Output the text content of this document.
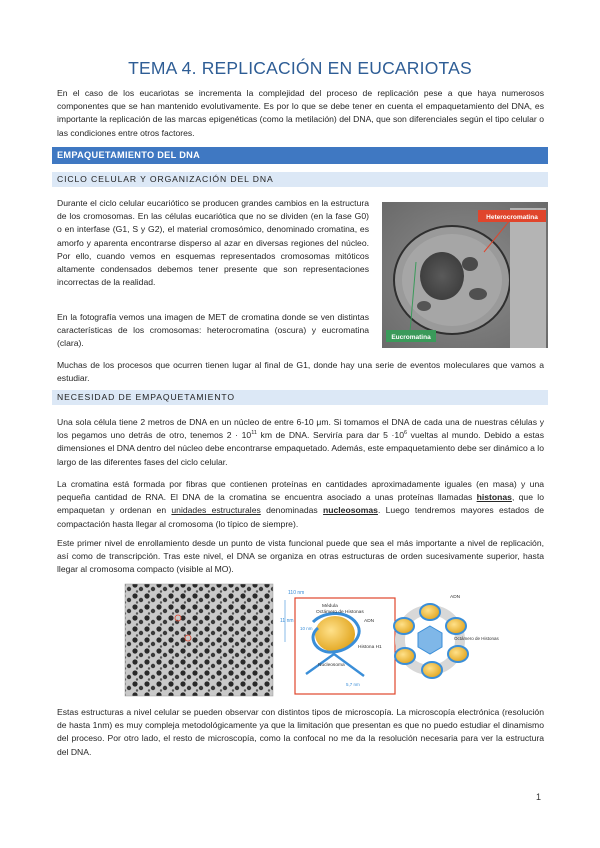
TEMA 4. REPLICACIÓN EN EUCARIOTAS

En el caso de los eucariotas se incrementa la complejidad del proceso de replicación pese a que haya numerosos componentes que se han mantenido evolutivamente. Es por lo que se debe tener en cuenta el empaquetamiento del DNA, es importante la replicación de las marcas epigenéticas (como la metilación) del DNA, que son diferenciales según el tipo celular o las condiciones entre otros factores.

EMPAQUETAMIENTO DEL DNA
CICLO CELULAR Y ORGANIZACIÓN DEL DNA

Durante el ciclo celular eucariótico se producen grandes cambios en la estructura de los cromosomas. En las células eucariótica que no se dividen (en la fase G0) o en interfase (G1, S y G2), el material cromosómico, denominado cromatina, es amorfo y aparenta encontrarse disperso al azar en diversas regiones del núcleo. Por ello, cuando vemos en esquemas representados cromosomas mitóticos altamente condensados debemos tener presente que son representaciones incorrectas de la realidad.

En la fotografía vemos una imagen de MET de cromatina donde se ven distintas características de los cromosomas: heterocromatina (oscura) y eucromatina (clara).

Heterocromatina
Eucromatina

Muchas de los procesos que ocurren tienen lugar al final de G1, donde hay una serie de eventos moleculares que vamos a estudiar.

NECESIDAD DE EMPAQUETAMIENTO

Una sola célula tiene 2 metros de DNA en un núcleo de entre 6-10 μm. Si tomamos el DNA de cada una de nuestras células y los pegamos uno detrás de otro, tenemos $2 \cdot 10^{11}$ km de DNA. Serviría para dar $5 \cdot 10^6$ vueltas al mundo. Debido a estas dimensiones el DNA dentro del núcleo debe encontrarse empaquetado. Además, este empaquetamiento debe ser dinámico a lo largo de las diferentes fases del ciclo celular.

La cromatina está formada por fibras que contienen proteínas en cantidades aproximadamente iguales (en masa) y una pequeña cantidad de RNA. El DNA de la cromatina se encuentra asociado a unas proteínas llamadas histonas, que lo empaquetan y ordenan en unidades estructurales denominadas nucleosomas. Luego tendremos mayores estados de compactación hasta llegar al cromosoma (lo típico de siempre).

Este primer nivel de enrollamiento desde un punto de vista funcional puede que sea el más importante a nivel de replicación, así como de transcripción. Tras este nivel, el DNA se organiza en otras estructuras de orden sucesivamente superior, hasta llegar al cromosoma compacto (visible al MO).

110 nm
11 nm
Médula
Octámero de Histonas
ADN
Histona H1
Nucleosoma
10 nm
5,7 nm
ADN
Octámero de Histonas

Estas estructuras a nivel celular se pueden observar con distintos tipos de microscopía. La microscopía electrónica (resolución de hasta 1nm) es muy compleja metodológicamente ya que la limitación que presentan es que no puedo estudiar el dinamismo del proceso. Por otro lado, el resto de microscopía, como la confocal no me da la resolución necesaria para ver la estructura del DNA.

1
